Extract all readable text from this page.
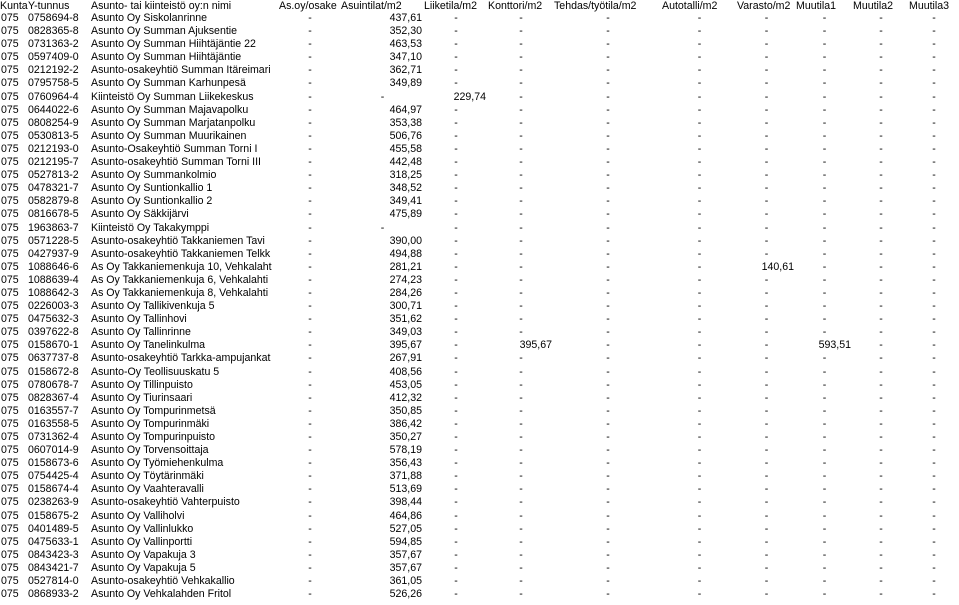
Kunta	Y-tunnus	Asunto- tai kiinteistö oy:n nimi	As.oy/osake	Asuintilat/m2	Liiketila/m2	Konttori/m2	Tehdas/työtila/m2	Autotalli/m2	Varasto/m2	Muutila1	Muutila2	Muutila3
075	0758694-8	Asunto Oy Siskolanrinne	-	437,61	-	-	-	-	-	-	-	-
075	0828365-8	Asunto Oy Summan Ajuksentie	-	352,30	-	-	-	-	-	-	-	-
075	0731363-2	Asunto Oy Summan Hiihtäjäntie 22	-	463,53	-	-	-	-	-	-	-	-
075	0597409-0	Asunto Oy Summan Hiihtäjäntie	-	347,10	-	-	-	-	-	-	-	-
075	0212192-2	Asunto-osakeyhtiö Summan Itäreimari	-	362,71	-	-	-	-	-	-	-	-
075	0795758-5	Asunto Oy Summan Karhunpesä	-	349,89	-	-	-	-	-	-	-	-
075	0760964-4	Kiinteistö Oy Summan Liikekeskus	-	-	229,74	-	-	-	-	-	-	-
075	0644022-6	Asunto Oy Summan Majavapolku	-	464,97	-	-	-	-	-	-	-	-
075	0808254-9	Asunto Oy Summan Marjatanpolku	-	353,38	-	-	-	-	-	-	-	-
075	0530813-5	Asunto Oy Summan Muurikainen	-	506,76	-	-	-	-	-	-	-	-
075	0212193-0	Asunto-Osakeyhtiö Summan Torni I	-	455,58	-	-	-	-	-	-	-	-
075	0212195-7	Asunto-osakeyhtiö Summan Torni III	-	442,48	-	-	-	-	-	-	-	-
075	0527813-2	Asunto Oy Summankolmio	-	318,25	-	-	-	-	-	-	-	-
075	0478321-7	Asunto Oy Suntionkallio 1	-	348,52	-	-	-	-	-	-	-	-
075	0582879-8	Asunto Oy Suntionkallio 2	-	349,41	-	-	-	-	-	-	-	-
075	0816678-5	Asunto Oy Säkkijärvi	-	475,89	-	-	-	-	-	-	-	-
075	1963863-7	Kiinteistö Oy Takakymppi	-	-	-	-	-	-	-	-	-	-
075	0571228-5	Asunto-osakeyhtiö Takkaniemen Tavi	-	390,00	-	-	-	-	-	-	-	-
075	0427937-9	Asunto-osakeyhtiö Takkaniemen Telkk	-	494,88	-	-	-	-	-	-	-	-
075	1088646-6	As Oy Takkaniemenkuja 10, Vehkalaht	-	281,21	-	-	-	-	140,61	-	-	-
075	1088639-4	As Oy Takkaniemenkuja 6, Vehkalahti	-	274,23	-	-	-	-	-	-	-	-
075	1088642-3	As Oy Takkaniemenkuja 8, Vehkalahti	-	284,26	-	-	-	-	-	-	-	-
075	0226003-3	Asunto Oy Tallikivenkuja 5	-	300,71	-	-	-	-	-	-	-	-
075	0475632-3	Asunto Oy Tallinhovi	-	351,62	-	-	-	-	-	-	-	-
075	0397622-8	Asunto Oy Tallinrinne	-	349,03	-	-	-	-	-	-	-	-
075	0158670-1	Asunto Oy Tanelinkulma	-	395,67	-	395,67	-	-	-	593,51	-	-
075	0637737-8	Asunto-osakeyhtiö Tarkka-ampujankat	-	267,91	-	-	-	-	-	-	-	-
075	0158672-8	Asunto-Oy Teollisuuskatu 5	-	408,56	-	-	-	-	-	-	-	-
075	0780678-7	Asunto Oy Tillinpuisto	-	453,05	-	-	-	-	-	-	-	-
075	0828367-4	Asunto Oy Tiurinsaari	-	412,32	-	-	-	-	-	-	-	-
075	0163557-7	Asunto Oy Tompurinmetsä	-	350,85	-	-	-	-	-	-	-	-
075	0163558-5	Asunto Oy Tompurinmäki	-	386,42	-	-	-	-	-	-	-	-
075	0731362-4	Asunto Oy Tompurinpuisto	-	350,27	-	-	-	-	-	-	-	-
075	0607014-9	Asunto Oy Torvensoittaja	-	578,19	-	-	-	-	-	-	-	-
075	0158673-6	Asunto Oy Työmiehenkulma	-	356,43	-	-	-	-	-	-	-	-
075	0754425-4	Asunto Oy Töytärinmäki	-	371,88	-	-	-	-	-	-	-	-
075	0158674-4	Asunto Oy Vaahteravalli	-	513,69	-	-	-	-	-	-	-	-
075	0238263-9	Asunto-osakeyhtiö Vahterpuisto	-	398,44	-	-	-	-	-	-	-	-
075	0158675-2	Asunto Oy Valliholvi	-	464,86	-	-	-	-	-	-	-	-
075	0401489-5	Asunto Oy Vallinlukko	-	527,05	-	-	-	-	-	-	-	-
075	0475633-1	Asunto Oy Vallinportti	-	594,85	-	-	-	-	-	-	-	-
075	0843423-3	Asunto Oy Vapakuja 3	-	357,67	-	-	-	-	-	-	-	-
075	0843421-7	Asunto Oy Vapakuja 5	-	357,67	-	-	-	-	-	-	-	-
075	0527814-0	Asunto-osakeyhtiö Vehkakallio	-	361,05	-	-	-	-	-	-	-	-
075	0868933-2	Asunto Oy Vehkalahden Fritol	-	526,26	-	-	-	-	-	-	-	-
